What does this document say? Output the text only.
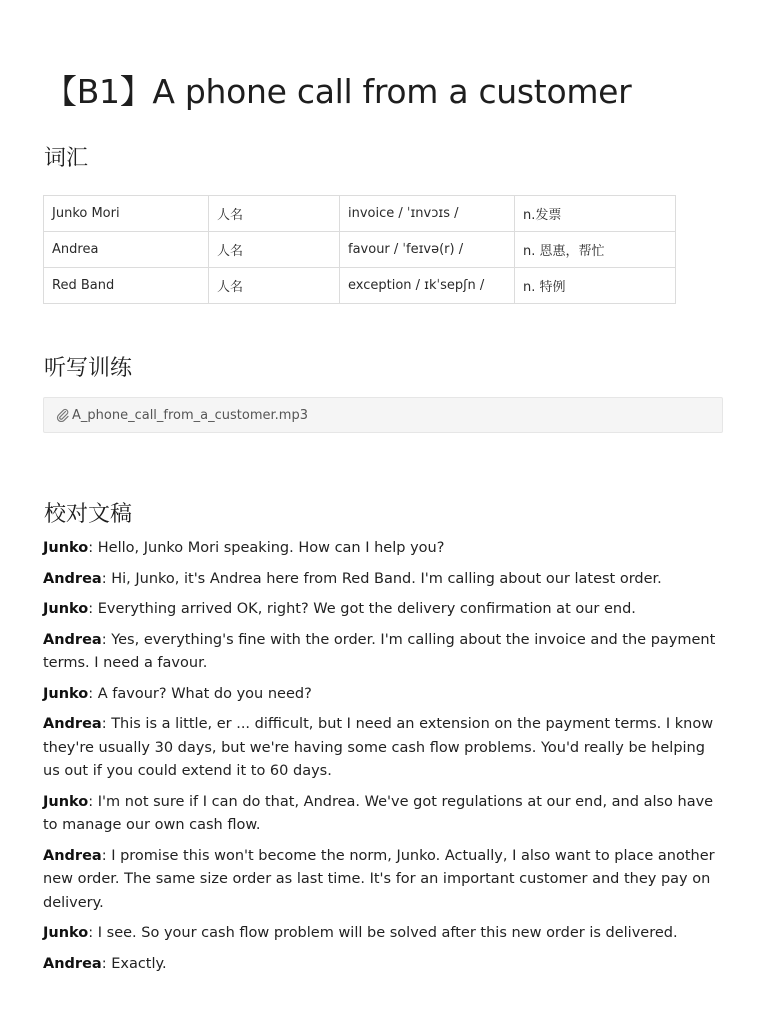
【B1】A phone call from a customer
词汇
Junko Mori	人名	invoice / ˈɪnvɔɪs /	n.发票
Andrea	人名	favour / ˈfeɪvə(r) /	n. 恩惠，帮忙
Red Band	人名	exception / ɪkˈsepʃn /	n. 特例
听写训练
A_phone_call_from_a_customer.mp3
校对文稿

Junko: Hello, Junko Mori speaking. How can I help you?

Andrea: Hi, Junko, it's Andrea here from Red Band. I'm calling about our latest order.

Junko: Everything arrived OK, right? We got the delivery confirmation at our end.

Andrea: Yes, everything's fine with the order. I'm calling about the invoice and the payment terms. I need a favour.

Junko: A favour? What do you need?

Andrea: This is a little, er ... difficult, but I need an extension on the payment terms. I know they're usually 30 days, but we're having some cash flow problems. You'd really be helping us out if you could extend it to 60 days.

Junko: I'm not sure if I can do that, Andrea. We've got regulations at our end, and also have to manage our own cash flow.

Andrea: I promise this won't become the norm, Junko. Actually, I also want to place another new order. The same size order as last time. It's for an important customer and they pay on delivery.

Junko: I see. So your cash flow problem will be solved after this new order is delivered.

Andrea: Exactly.
